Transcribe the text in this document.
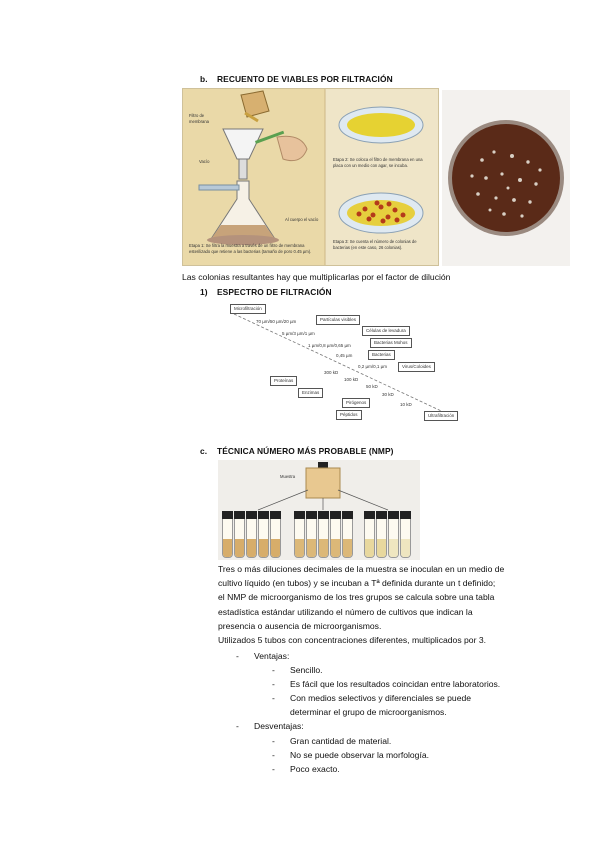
b. RECUENTO DE VIABLES POR FILTRACIÓN
Filtro de membrana
Vacío
Al cuerpo el vacío
Etapa 1: Se filtra la muestra a través de un filtro de membrana esterilizado que retiene a las bacterias (tamaño de poro 0.45 µm).
Etapa 2: Se coloca el filtro de membrana en una placa con un medio con agar, se incuba.
Etapa 3: Se cuenta el número de colonias de bacterias (en este caso, 26 colonias).
Las colonias resultantes hay que multiplicarlas por el factor de dilución
1) ESPECTRO DE FILTRACIÓN
Microfiltración
Partículas visibles
Células de levadura
Bacterias Mohos
Bacterias
Virus/Coloides
Proteínas
Enzimas
Pirógenos
Péptidos	Ultrafiltración
70 µm/50 µm/20 µm
5 µm/3 µm/1 µm
1 µm/0,8 µm/0,65 µm
0,45 µm
0,2 µm/0,1 µm
300 kD
100 kD
50 kD
30 kD
10 kD
c. TÉCNICA NÚMERO MÁS PROBABLE (NMP)
Muestra
Tres o más diluciones decimales de la muestra se inoculan en un medio de
cultivo líquido (en tubos) y se incuban a Tª definida durante un t definido;
el NMP de microorganismo de los tres grupos se calcula sobre una tabla
estadística estándar utilizando el número de cultivos que indican la
presencia o ausencia de microorganismos.
Utilizados 5 tubos con concentraciones diferentes, multiplicados por 3.
- Ventajas:
- Sencillo.
- Es fácil que los resultados coincidan entre laboratorios.
- Con medios selectivos y diferenciales se puede
determinar el grupo de microorganismos.
- Desventajas:
- Gran cantidad de material.
- No se puede observar la morfología.
- Poco exacto.
